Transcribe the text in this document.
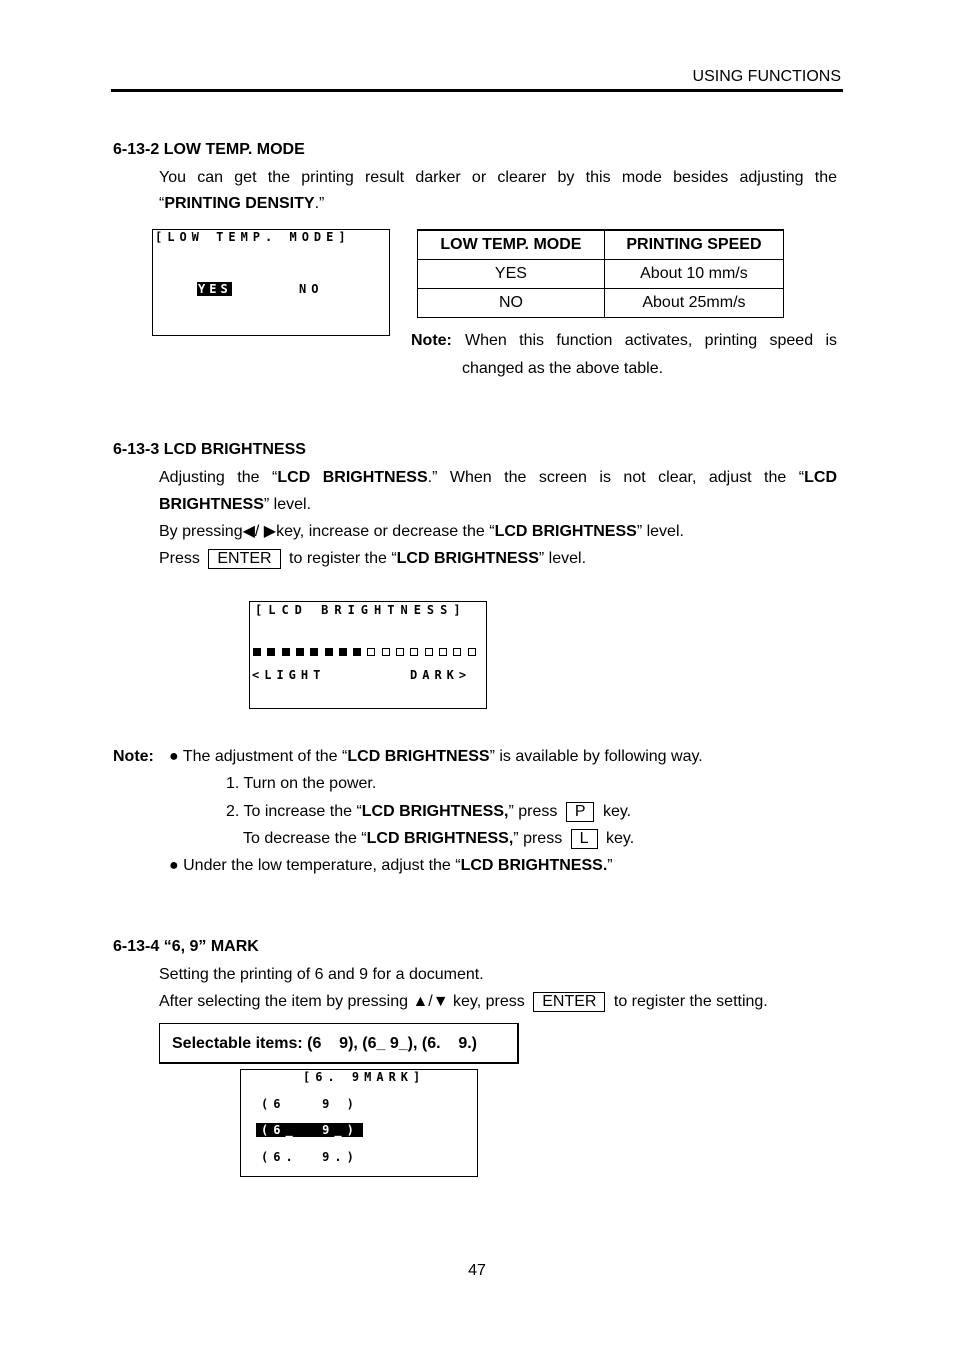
USING FUNCTIONS
6-13-2 LOW TEMP. MODE
You can get the printing result darker or clearer by this mode besides adjusting the
“PRINTING DENSITY.”
[LOW TEMP. MODE]
YES	NO
LOW TEMP. MODE	PRINTING SPEED
YES	About 10 mm/s
NO	About 25mm/s
Note: When this function activates, printing speed is
changed as the above table.
6-13-3 LCD BRIGHTNESS
Adjusting the “LCD BRIGHTNESS.” When the screen is not clear, adjust the “LCD
BRIGHTNESS” level.
By pressing◀/ ▶key, increase or decrease the “LCD BRIGHTNESS” level.
Press ENTER to register the “LCD BRIGHTNESS” level.
[LCD BRIGHTNESS]
<LIGHT	DARK>
Note: ● The adjustment of the “LCD BRIGHTNESS” is available by following way.
1. Turn on the power.
2. To increase the “LCD BRIGHTNESS,” press P key.
To decrease the “LCD BRIGHTNESS,” press L key.
● Under the low temperature, adjust the “LCD BRIGHTNESS.”
6-13-4 “6, 9” MARK
Setting the printing of 6 and 9 for a document.
After selecting the item by pressing ▲/▼ key, press ENTER to register the setting.
Selectable items: (6    9), (6_ 9_), (6.    9.)
[6. 9MARK]
(6   9 )
(6_  9_)
(6.  9.)
47
